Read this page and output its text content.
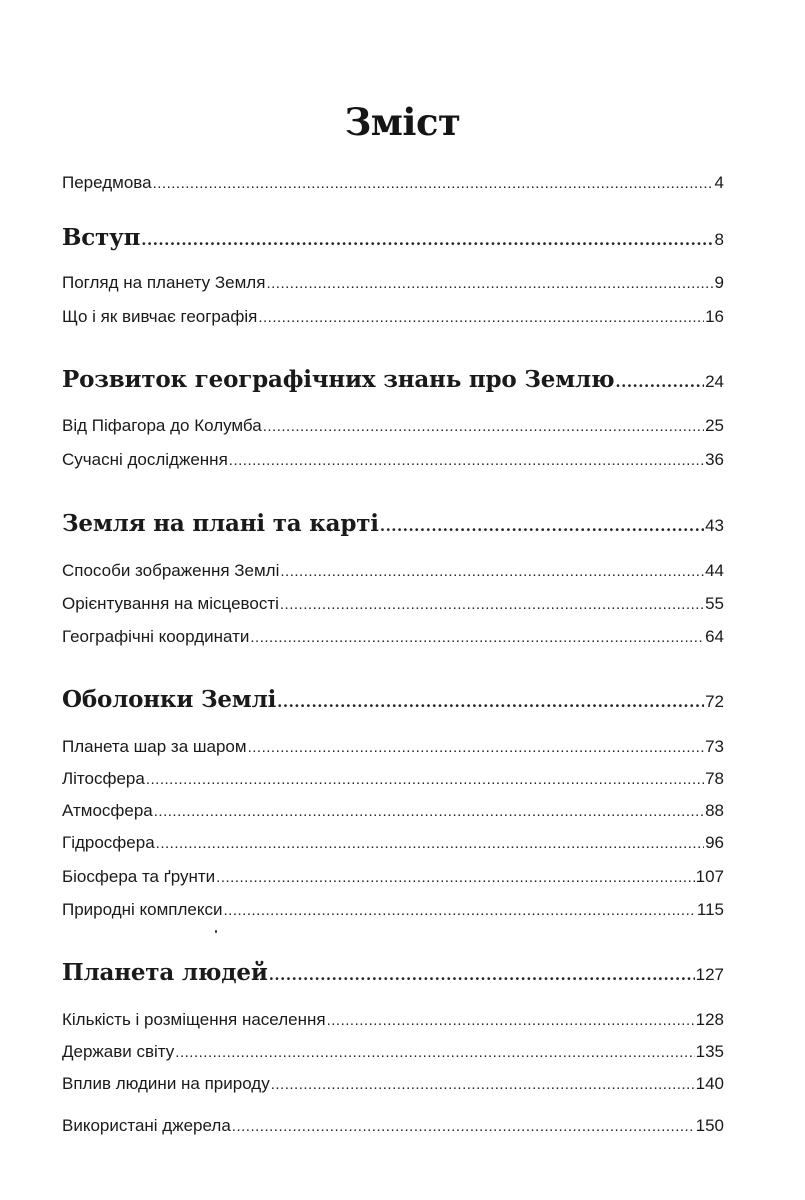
Зміст
Передмова .....	4
Вступ .....	8
Погляд на планету Земля .....	9
Що і як вивчає географія .....	16
Розвиток географічних знань про Землю .....	24
Від Піфагора до Колумба .....	25
Сучасні дослідження .....	36
Земля на плані та карті .....	43
Способи зображення Землі .....	44
Орієнтування на місцевості .....	55
Географічні координати .....	64
Оболонки Землі .....	72
Планета шар за шаром .....	73
Літосфера .....	78
Атмосфера .....	88
Гідросфера .....	96
Біосфера та ґрунти .....	107
Природні комплекси .....	115
Планета людей .....	127
Кількість і розміщення населення .....	128
Держави світу .....	135
Вплив людини на природу .....	140
Використані джерела .....	150
